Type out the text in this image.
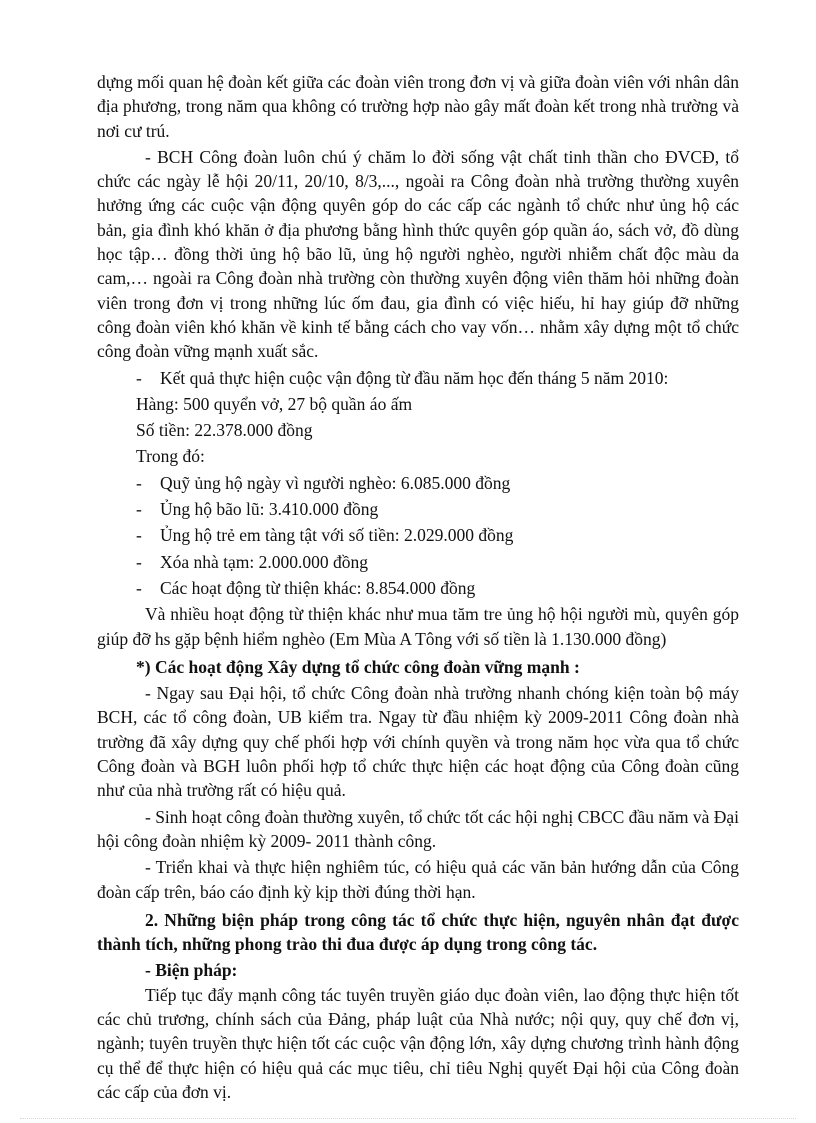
dựng mối quan hệ đoàn kết giữa các đoàn viên trong đơn vị và giữa đoàn viên với nhân dân địa phương, trong năm qua không có trường hợp nào gây mất đoàn kết trong nhà trường và nơi cư trú.

- BCH Công đoàn luôn chú ý chăm lo đời sống vật chất tinh thần cho ĐVCĐ, tổ chức các ngày lễ hội 20/11, 20/10, 8/3,..., ngoài ra Công đoàn nhà trường thường xuyên hưởng ứng các cuộc vận động quyên góp do các cấp các ngành tổ chức như ủng hộ các bản, gia đình khó khăn ở địa phương bằng hình thức quyên góp quần áo, sách vở, đồ dùng học tập… đồng thời ủng hộ bão lũ, ủng hộ người nghèo, người nhiễm chất độc màu da cam,… ngoài ra Công đoàn nhà trường còn thường xuyên động viên thăm hỏi những đoàn viên trong đơn vị trong những lúc ốm đau, gia đình có việc hiếu, hỉ hay giúp đỡ những công đoàn viên khó khăn về kinh tế bằng cách cho vay vốn… nhằm xây dựng một tổ chức công đoàn vững mạnh xuất sắc.

- Kết quả thực hiện cuộc vận động từ đầu năm học đến tháng 5 năm 2010:

Hàng: 500 quyển vở, 27 bộ quần áo ấm

Số tiền: 22.378.000 đồng

Trong đó:

- Quỹ ủng hộ ngày vì người nghèo: 6.085.000 đồng

- Ủng hộ bão lũ: 3.410.000 đồng

- Ủng hộ trẻ em tàng tật với số tiền: 2.029.000 đồng

- Xóa nhà tạm: 2.000.000 đồng

- Các hoạt động từ thiện khác: 8.854.000 đồng

Và nhiều hoạt động từ thiện khác như mua tăm tre ủng hộ hội người mù, quyên góp giúp đỡ hs gặp bệnh hiểm nghèo (Em Mùa A Tông với số tiền là 1.130.000 đồng)

*) Các hoạt động Xây dựng tổ chức công đoàn vững mạnh :

- Ngay sau Đại hội, tổ chức Công đoàn nhà trường nhanh chóng kiện toàn bộ máy BCH, các tổ công đoàn, UB kiểm tra. Ngay từ đầu nhiệm kỳ 2009-2011 Công đoàn nhà trường đã xây dựng quy chế phối hợp với chính quyền và trong năm học vừa qua tổ chức Công đoàn và BGH luôn phối hợp tổ chức thực hiện các hoạt động của Công đoàn cũng như của nhà trường rất có hiệu quả.

- Sinh hoạt công đoàn thường xuyên, tổ chức tốt các hội nghị CBCC đầu năm và Đại hội công đoàn nhiệm kỳ 2009- 2011 thành công.

- Triển khai và thực hiện nghiêm túc, có hiệu quả các văn bản hướng dẫn của Công đoàn cấp trên, báo cáo định kỳ kịp thời đúng thời hạn.

2. Những biện pháp trong công tác tổ chức thực hiện, nguyên nhân đạt được thành tích, những phong trào thi đua được áp dụng trong công tác.

- Biện pháp:

Tiếp tục đẩy mạnh công tác tuyên truyền giáo dục đoàn viên, lao động thực hiện tốt các chủ trương, chính sách của Đảng, pháp luật của Nhà nước; nội quy, quy chế đơn vị, ngành; tuyên truyền thực hiện tốt các cuộc vận động lớn, xây dựng chương trình hành động cụ thể để thực hiện có hiệu quả các mục tiêu, chỉ tiêu Nghị quyết Đại hội của Công đoàn các cấp của đơn vị.
